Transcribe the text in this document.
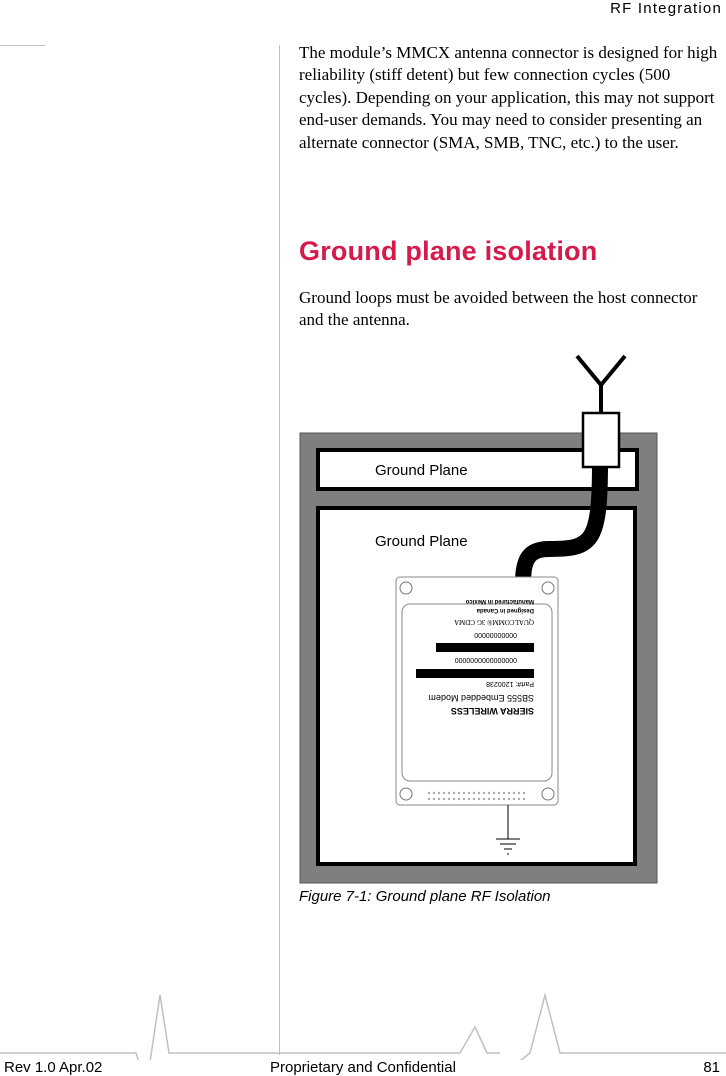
RF Integration

The module’s MMCX antenna connector is designed for high reliability (stiff detent) but few connection cycles (500 cycles). Depending on your application, this may not support end-user demands. You may need to consider presenting an alternate connector (SMA, SMB, TNC, etc.) to the user.

Ground plane isolation

Ground loops must be avoided between the host connector and the antenna.

Ground Plane
Ground Plane
SIERRA WIRELESS
SB555 Embedded Modem
Part#: 1200238
0000000000000000
00000000000
QUALCOMM® 3G CDMA
Designed in Canada
Manufactured in Mexico

Figure 7-1: Ground plane RF Isolation

Rev 1.0 Apr.02	Proprietary and Confidential	81
